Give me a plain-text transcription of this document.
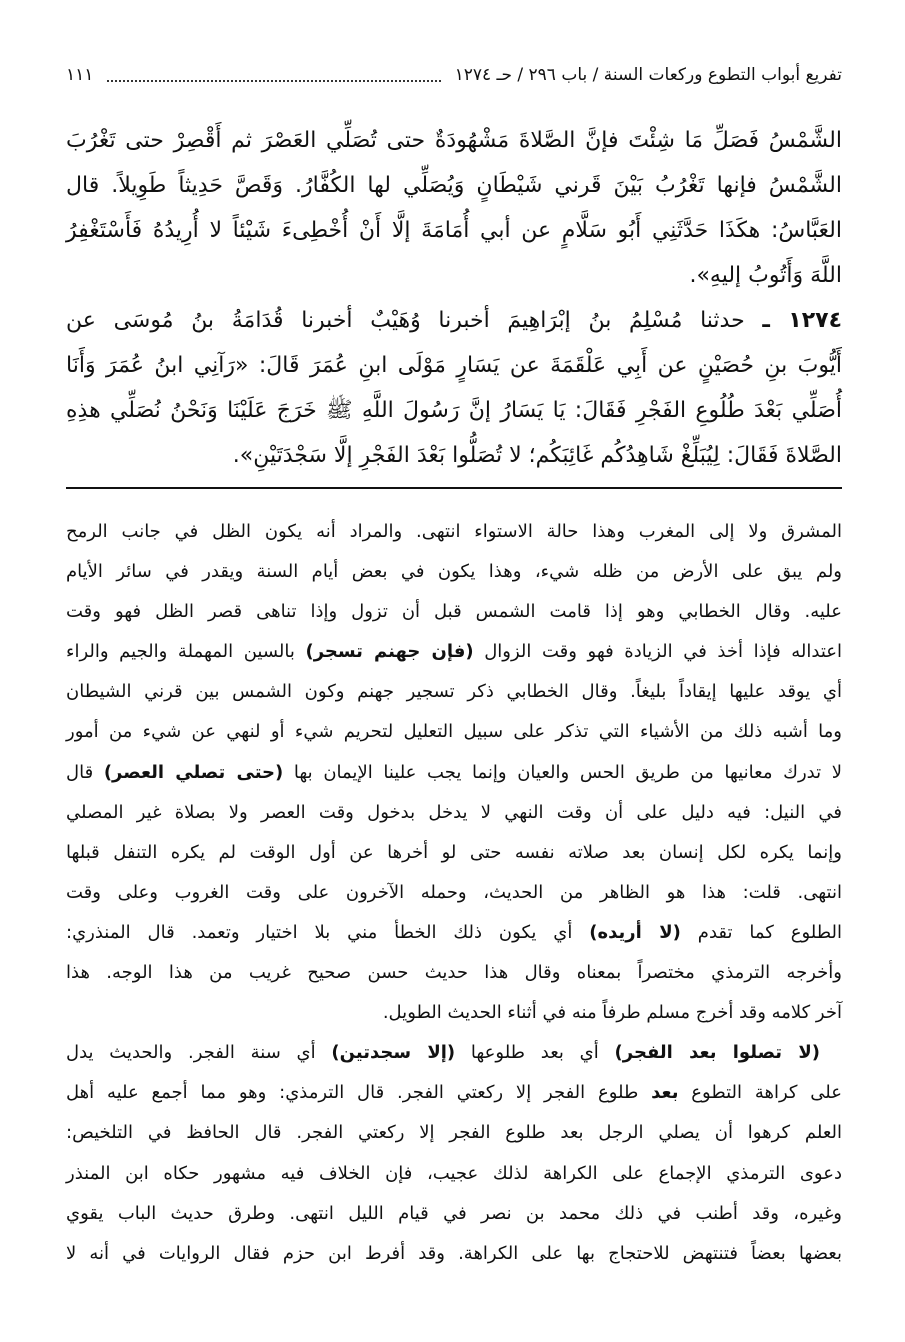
تفريع أبواب التطوع وركعات السنة / باب ٢٩٦ / حـ ١٢٧٤
١١١
الشَّمْسُ فَصَلِّ مَا شِئْتَ فإنَّ الصَّلاةَ مَشْهُودَةٌ حتى تُصَلِّي العَصْرَ ثم أَقْصِرْ حتى تَغْرُبَ
الشَّمْسُ فإنها تَغْرُبُ بَيْنَ قَرني شَيْطَانٍ وَيُصَلِّي لها الكُفَّارُ. وَقَصَّ حَدِيثاً طَوِيلاً. قال
العَبَّاسُ: هكَذَا حَدَّثَنِي أَبُو سَلَّامٍ عن أبي أُمَامَةَ إلَّا أَنْ أُخْطِىءَ شَيْئاً لا أُرِيدُهُ فَأَسْتَغْفِرُ
اللَّهَ وَأَتُوبُ إليهِ».
١٢٧٤ ـ حدثنا مُسْلِمُ بنُ إبْرَاهِيمَ أخبرنا وُهَيْبٌ أخبرنا قُدَامَةُ بنُ مُوسَى عن
أَيُّوبَ بنِ حُصَيْنٍ عن أَبِي عَلْقَمَةَ عن يَسَارٍ مَوْلَى ابنِ عُمَرَ قَالَ: «رَآنِي ابنُ عُمَرَ وَأَنَا
أُصَلِّي بَعْدَ طُلُوعِ الفَجْرِ فَقَالَ: يَا يَسَارُ إنَّ رَسُولَ اللَّهِ ﷺ خَرَجَ عَلَيْنَا وَنَحْنُ نُصَلِّي هذِهِ
الصَّلاةَ فَقَالَ: لِيُبَلِّغْ شَاهِدُكُم غَائِبَكُم؛ لا تُصَلُّوا بَعْدَ الفَجْرِ إلَّا سَجْدَتَيْنِ».
المشرق ولا إلى المغرب وهذا حالة الاستواء انتهى. والمراد أنه يكون الظل في جانب الرمح
ولم يبق على الأرض من ظله شيء، وهذا يكون في بعض أيام السنة ويقدر في سائر الأيام
عليه. وقال الخطابي وهو إذا قامت الشمس قبل أن تزول وإذا تناهى قصر الظل فهو وقت
اعتداله فإذا أخذ في الزيادة فهو وقت الزوال (فإن جهنم تسجر) بالسين المهملة والجيم والراء
أي يوقد عليها إيقاداً بليغاً. وقال الخطابي ذكر تسجير جهنم وكون الشمس بين قرني الشيطان
وما أشبه ذلك من الأشياء التي تذكر على سبيل التعليل لتحريم شيء أو لنهي عن شيء من أمور
لا تدرك معانيها من طريق الحس والعيان وإنما يجب علينا الإيمان بها (حتى تصلي العصر) قال
في النيل: فيه دليل على أن وقت النهي لا يدخل بدخول وقت العصر ولا بصلاة غير المصلي
وإنما يكره لكل إنسان بعد صلاته نفسه حتى لو أخرها عن أول الوقت لم يكره التنفل قبلها
انتهى. قلت: هذا هو الظاهر من الحديث، وحمله الآخرون على وقت الغروب وعلى وقت
الطلوع كما تقدم (لا أريده) أي يكون ذلك الخطأ مني بلا اختيار وتعمد. قال المنذري:
وأخرجه الترمذي مختصراً بمعناه وقال هذا حديث حسن صحيح غريب من هذا الوجه. هذا
آخر كلامه وقد أخرج مسلم طرفاً منه في أثناء الحديث الطويل.
(لا تصلوا بعد الفجر) أي بعد طلوعها (إلا سجدتين) أي سنة الفجر. والحديث يدل
على كراهة التطوع بعد طلوع الفجر إلا ركعتي الفجر. قال الترمذي: وهو مما أجمع عليه أهل
العلم كرهوا أن يصلي الرجل بعد طلوع الفجر إلا ركعتي الفجر. قال الحافظ في التلخيص:
دعوى الترمذي الإجماع على الكراهة لذلك عجيب، فإن الخلاف فيه مشهور حكاه ابن المنذر
وغيره، وقد أطنب في ذلك محمد بن نصر في قيام الليل انتهى. وطرق حديث الباب يقوي
بعضها بعضاً فتنتهض للاحتجاج بها على الكراهة. وقد أفرط ابن حزم فقال الروايات في أنه لا
